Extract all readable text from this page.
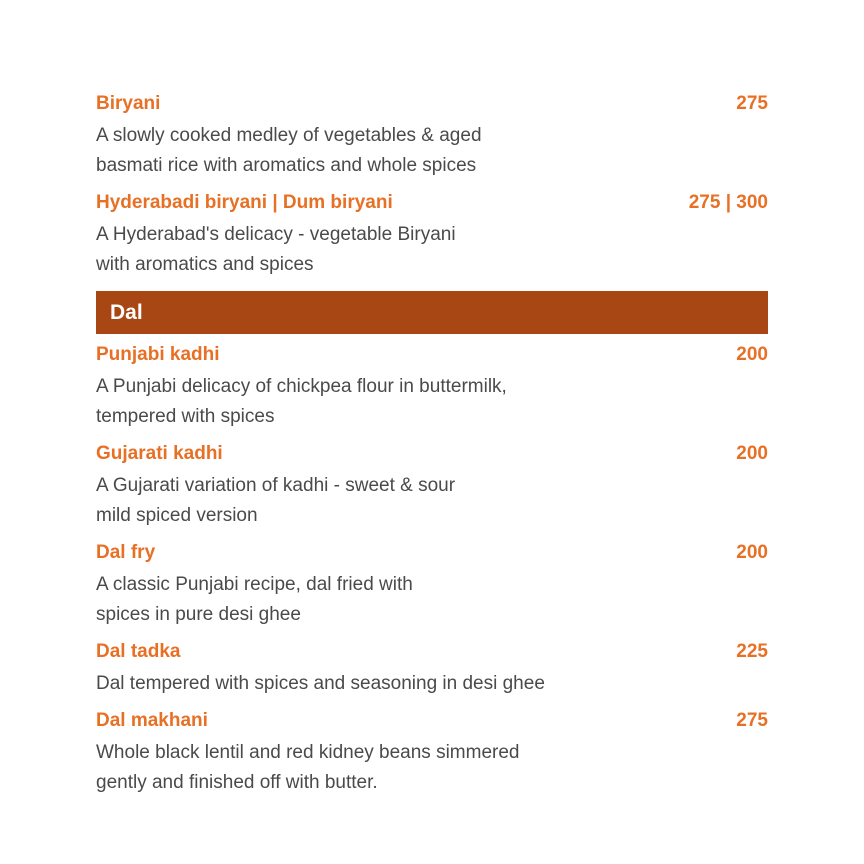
Biryani	275
A slowly cooked medley of vegetables & aged
basmati rice with aromatics and whole spices
Hyderabadi biryani | Dum biryani	275 | 300
A Hyderabad's delicacy - vegetable Biryani
with aromatics and spices
Dal
Punjabi kadhi	200
A Punjabi delicacy of chickpea flour in buttermilk,
tempered with spices
Gujarati kadhi	200
A Gujarati variation of kadhi - sweet & sour
mild spiced version
Dal fry	200
A classic Punjabi recipe, dal fried with
spices in pure desi ghee
Dal tadka	225
Dal tempered with spices and seasoning in desi ghee
Dal makhani	275
Whole black lentil and red kidney beans simmered
gently and finished off with butter.
